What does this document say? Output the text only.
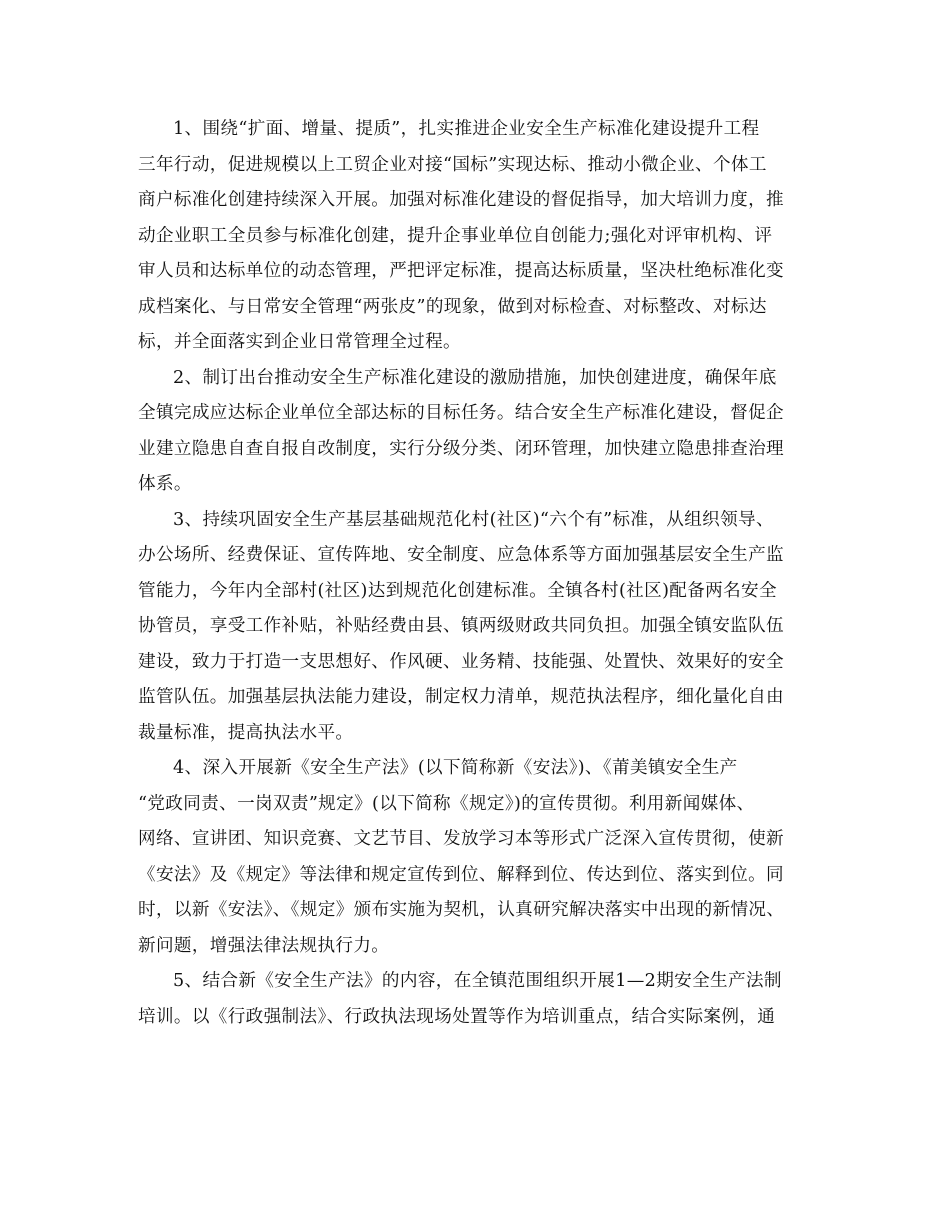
1、围绕“扩面、增量、提质”，扎实推进企业安全生产标准化建设提升工程
三年行动，促进规模以上工贸企业对接“国标”实现达标、推动小微企业、个体工
商户标准化创建持续深入开展。加强对标准化建设的督促指导，加大培训力度，推
动企业职工全员参与标准化创建，提升企事业单位自创能力;强化对评审机构、评
审人员和达标单位的动态管理，严把评定标准，提高达标质量，坚决杜绝标准化变
成档案化、与日常安全管理“两张皮”的现象，做到对标检查、对标整改、对标达
标，并全面落实到企业日常管理全过程。
2、制订出台推动安全生产标准化建设的激励措施，加快创建进度，确保年底
全镇完成应达标企业单位全部达标的目标任务。结合安全生产标准化建设，督促企
业建立隐患自查自报自改制度，实行分级分类、闭环管理，加快建立隐患排查治理
体系。
3、持续巩固安全生产基层基础规范化村(社区)“六个有”标准，从组织领导、
办公场所、经费保证、宣传阵地、安全制度、应急体系等方面加强基层安全生产监
管能力，今年内全部村(社区)达到规范化创建标准。全镇各村(社区)配备两名安全
协管员，享受工作补贴，补贴经费由县、镇两级财政共同负担。加强全镇安监队伍
建设，致力于打造一支思想好、作风硬、业务精、技能强、处置快、效果好的安全
监管队伍。加强基层执法能力建设，制定权力清单，规范执法程序，细化量化自由
裁量标准，提高执法水平。
4、深入开展新《安全生产法》(以下简称新《安法》)、《莆美镇安全生产
“党政同责、一岗双责”规定》(以下简称《规定》)的宣传贯彻。利用新闻媒体、
网络、宣讲团、知识竞赛、文艺节目、发放学习本等形式广泛深入宣传贯彻，使新
《安法》及《规定》等法律和规定宣传到位、解释到位、传达到位、落实到位。同
时，以新《安法》、《规定》颁布实施为契机，认真研究解决落实中出现的新情况、
新问题，增强法律法规执行力。
5、结合新《安全生产法》的内容，在全镇范围组织开展1—2期安全生产法制
培训。以《行政强制法》、行政执法现场处置等作为培训重点，结合实际案例，通
